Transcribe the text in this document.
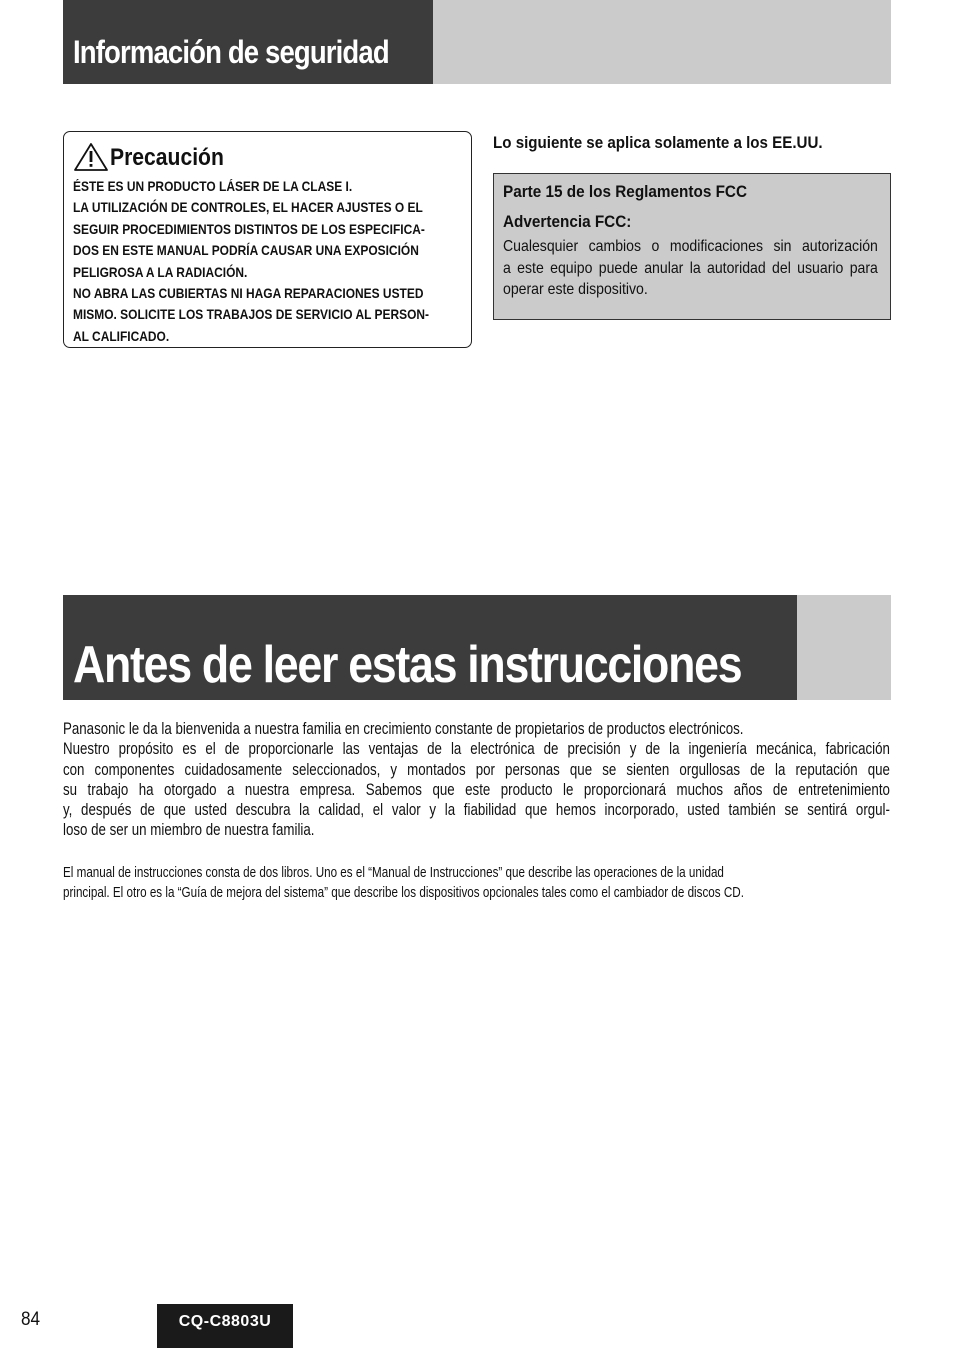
Información de seguridad
Precaución
ÉSTE ES UN PRODUCTO LÁSER DE LA CLASE I.
LA UTILIZACIÓN DE CONTROLES, EL HACER AJUSTES O EL
SEGUIR PROCEDIMIENTOS DISTINTOS DE LOS ESPECIFICA-
DOS EN ESTE MANUAL PODRÍA CAUSAR UNA EXPOSICIÓN
PELIGROSA A LA RADIACIÓN.
NO ABRA LAS CUBIERTAS NI HAGA REPARACIONES USTED
MISMO. SOLICITE LOS TRABAJOS DE SERVICIO AL PERSON-
AL CALIFICADO.
Lo siguiente se aplica solamente a los EE.UU.
Parte 15 de los Reglamentos FCC
Advertencia FCC:
Cualesquier cambios o modificaciones sin autorización
a este equipo puede anular la autoridad del usuario para
operar este dispositivo.
Antes de leer estas instrucciones
Panasonic le da la bienvenida a nuestra familia en crecimiento constante de propietarios de productos electrónicos.
Nuestro propósito es el de proporcionarle las ventajas de la electrónica de precisión y de la ingeniería mecánica, fabricación
con componentes cuidadosamente seleccionados, y montados por personas que se sienten orgullosas de la reputación que
su trabajo ha otorgado a nuestra empresa. Sabemos que este producto le proporcionará muchos años de entretenimiento
y, después de que usted descubra la calidad, el valor y la fiabilidad que hemos incorporado, usted también se sentirá orgul-
loso de ser un miembro de nuestra familia.
El manual de instrucciones consta de dos libros. Uno es el “Manual de Instrucciones” que describe las operaciones de la unidad
principal. El otro es la “Guía de mejora del sistema” que describe los dispositivos opcionales tales como el cambiador de discos CD.
84	CQ-C8803U
